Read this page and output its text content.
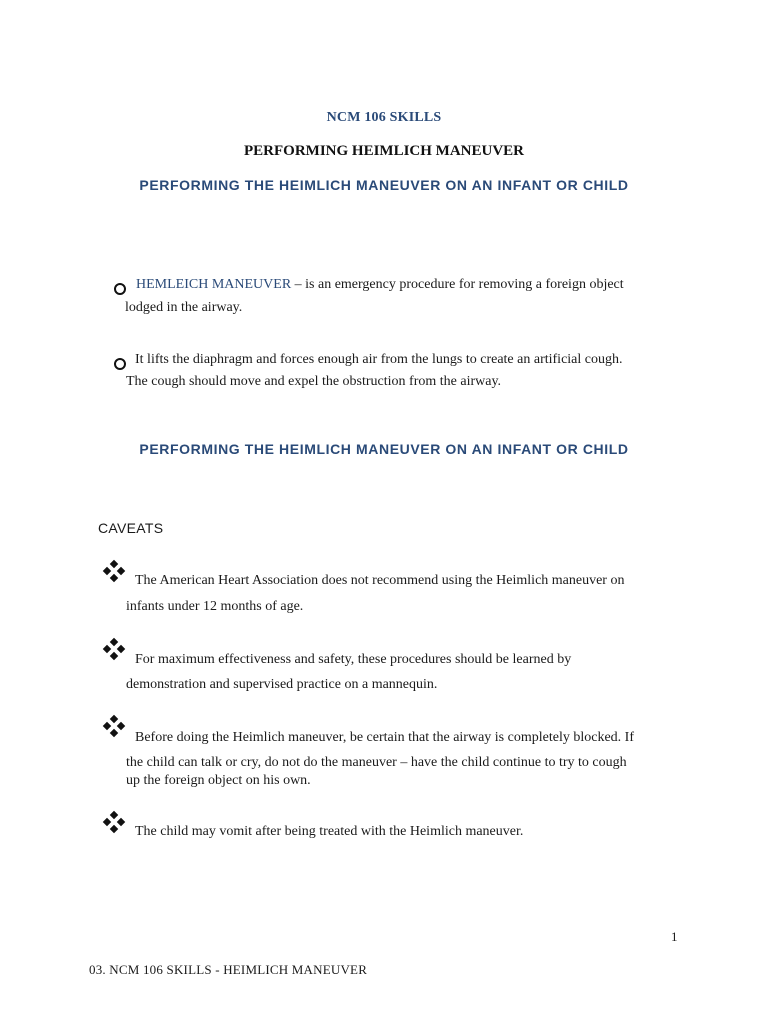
NCM 106 SKILLS
PERFORMING HEIMLICH MANEUVER
PERFORMING THE HEIMLICH MANEUVER ON AN INFANT OR CHILD
HEMLEICH MANEUVER – is an emergency procedure for removing a foreign object
lodged in the airway.
It lifts the diaphragm and forces enough air from the lungs to create an artificial cough.
The cough should move and expel the obstruction from the airway.
PERFORMING THE HEIMLICH MANEUVER ON AN INFANT OR CHILD
CAVEATS
The American Heart Association does not recommend using the Heimlich maneuver on
infants under 12 months of age.
For maximum effectiveness and safety, these procedures should be learned by
demonstration and supervised practice on a mannequin.
Before doing the Heimlich maneuver, be certain that the airway is completely blocked. If
the child can talk or cry, do not do the maneuver – have the child continue to try to cough
up the foreign object on his own.
The child may vomit after being treated with the Heimlich maneuver.
1
03. NCM 106 SKILLS - HEIMLICH MANEUVER
